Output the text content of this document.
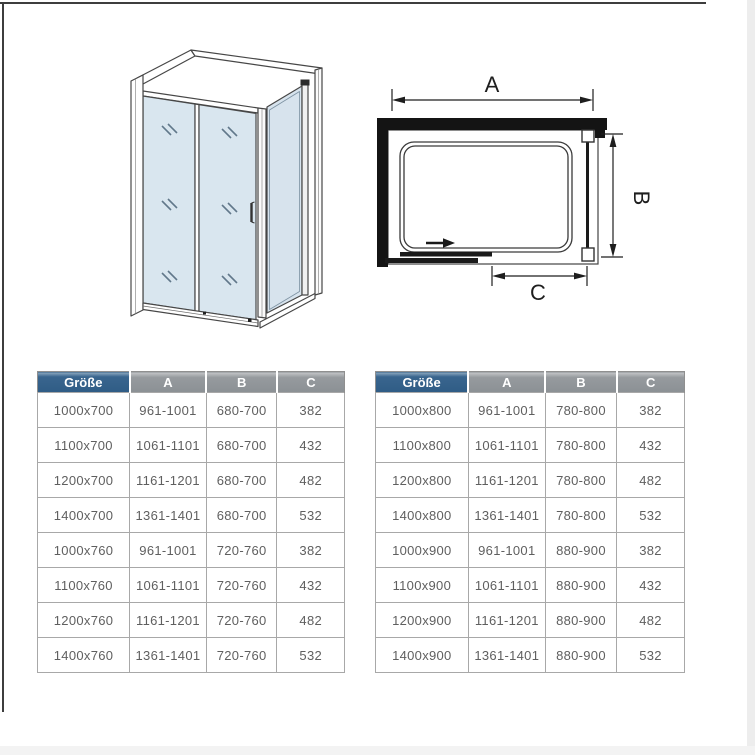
A
B
C
Größe	A	B	C
1000x700	961-1001	680-700	382
1100x700	1061-1101	680-700	432
1200x700	1161-1201	680-700	482
1400x700	1361-1401	680-700	532
1000x760	961-1001	720-760	382
1100x760	1061-1101	720-760	432
1200x760	1161-1201	720-760	482
1400x760	1361-1401	720-760	532
Größe	A	B	C
1000x800	961-1001	780-800	382
1100x800	1061-1101	780-800	432
1200x800	1161-1201	780-800	482
1400x800	1361-1401	780-800	532
1000x900	961-1001	880-900	382
1100x900	1061-1101	880-900	432
1200x900	1161-1201	880-900	482
1400x900	1361-1401	880-900	532
